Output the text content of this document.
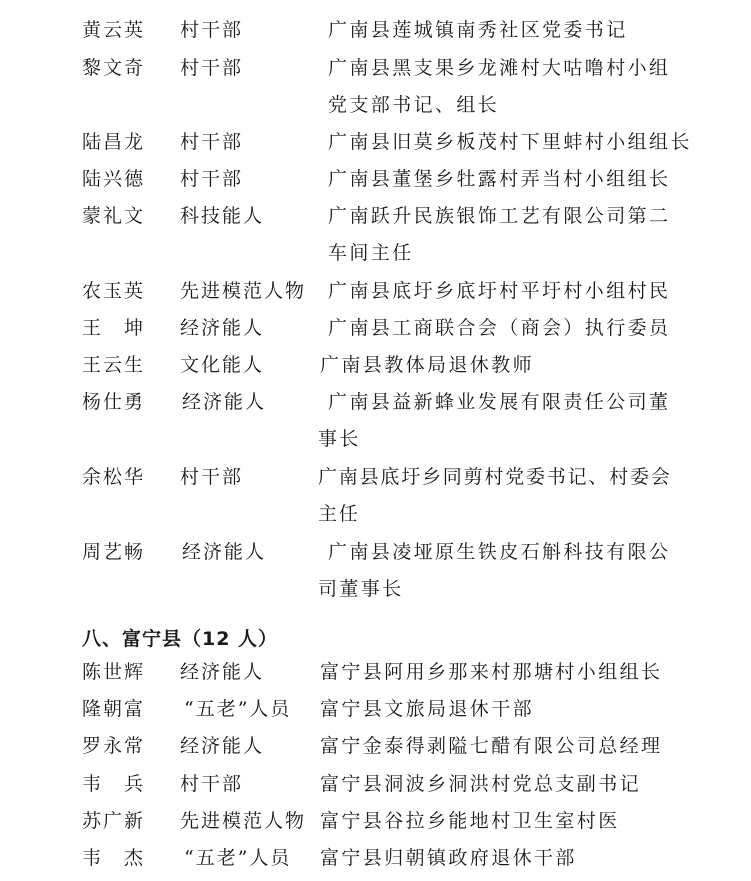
黄云英 村干部	广南县莲城镇南秀社区党委书记
黎文奇 村干部	广南县黑支果乡龙滩村大咕噜村小组
党支部书记、组长
陆昌龙 村干部	广南县旧莫乡板茂村下里蚌村小组组长
陆兴德 村干部	广南县董堡乡牡露村弄当村小组组长
蒙礼文 科技能人	广南跃升民族银饰工艺有限公司第二
车间主任
农玉英 先进模范人物 广南县底圩乡底圩村平圩村小组村民
王　坤 经济能人	广南县工商联合会（商会）执行委员
王云生 文化能人	广南县教体局退休教师
杨仕勇 经济能人	广南县益新蜂业发展有限责任公司董
事长
余松华 村干部	广南县底圩乡同剪村党委书记、村委会
主任
周艺畅 经济能人	广南县凌垭原生铁皮石斛科技有限公
司董事长
八、富宁县（12 人）
陈世辉 经济能人	富宁县阿用乡那来村那塘村小组组长
隆朝富 “五老”人员 富宁县文旅局退休干部
罗永常 经济能人	富宁金泰得剥隘七醋有限公司总经理
韦　兵 村干部	富宁县洞波乡洞洪村党总支副书记
苏广新 先进模范人物 富宁县谷拉乡能地村卫生室村医
韦　杰 “五老”人员 富宁县归朝镇政府退休干部
